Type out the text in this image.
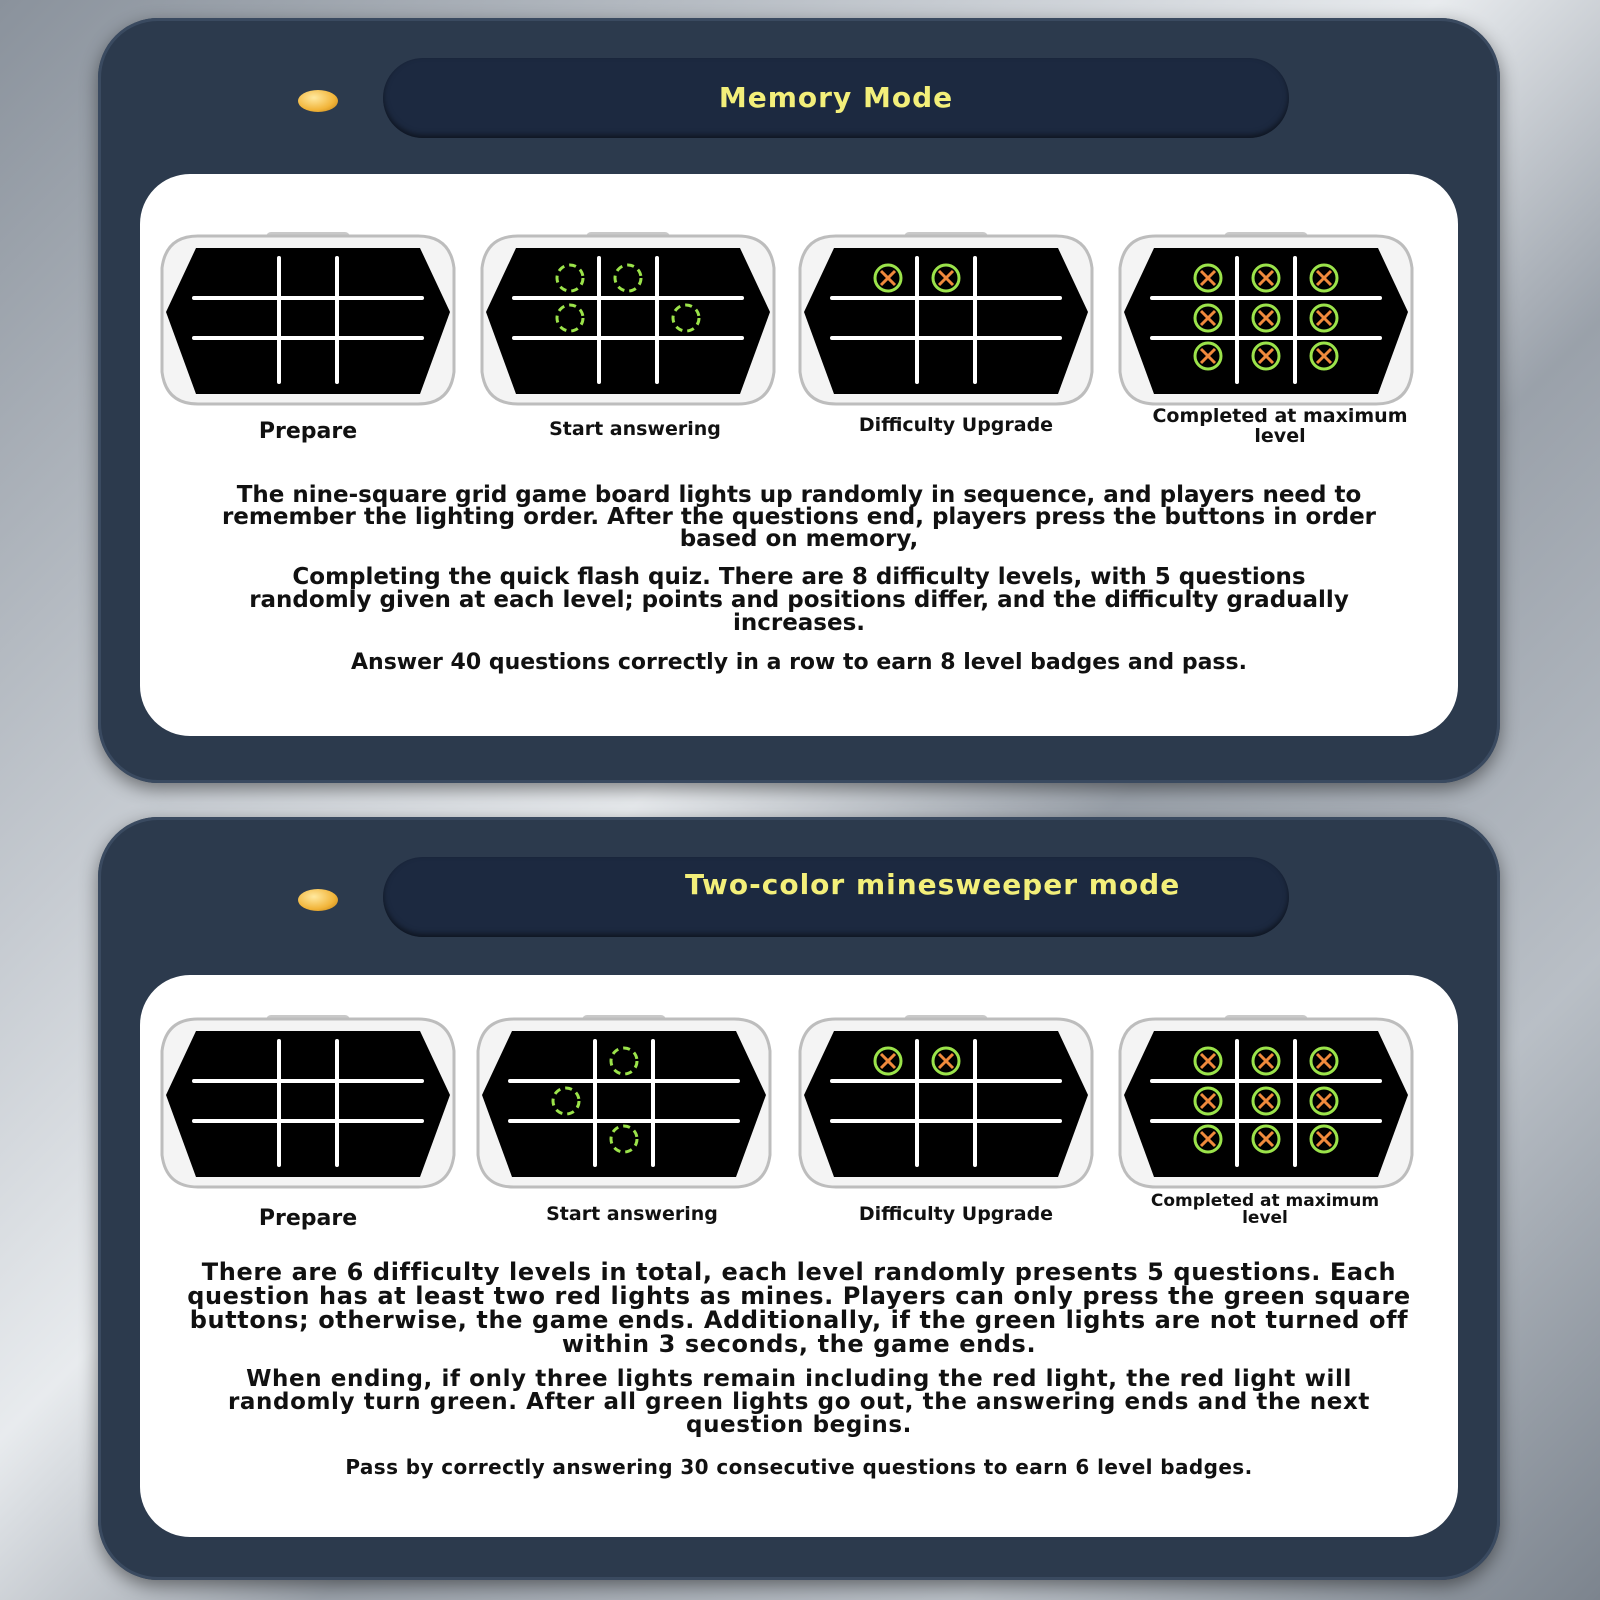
Memory Mode
Prepare	Start answering	Difficulty Upgrade	Completed at maximum level

The nine-square grid game board lights up randomly in sequence, and players need to remember the lighting order. After the questions end, players press the buttons in order based on memory,

Completing the quick flash quiz. There are 8 difficulty levels, with 5 questions randomly given at each level; points and positions differ, and the difficulty gradually increases.

Answer 40 questions correctly in a row to earn 8 level badges and pass.

Two-color minesweeper mode
Prepare	Start answering	Difficulty Upgrade
Completed at maximum level

There are 6 difficulty levels in total, each level randomly presents 5 questions. Each question has at least two red lights as mines. Players can only press the green square buttons; otherwise, the game ends. Additionally, if the green lights are not turned off within 3 seconds, the game ends.

When ending, if only three lights remain including the red light, the red light will randomly turn green. After all green lights go out, the answering ends and the next question begins.

Pass by correctly answering 30 consecutive questions to earn 6 level badges.
